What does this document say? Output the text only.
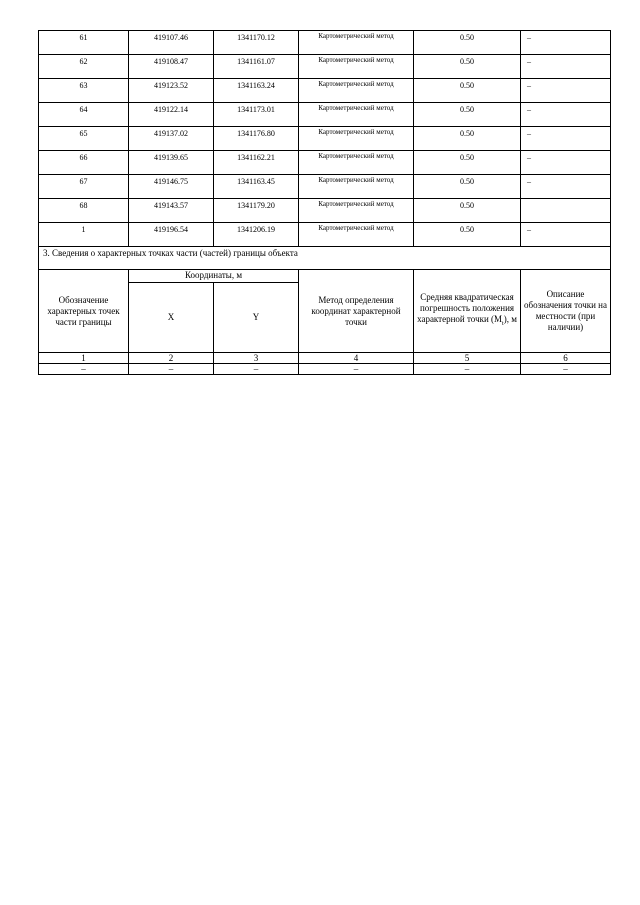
61	419107.46	1341170.12	Картометрический метод	0.50	–
62	419108.47	1341161.07	Картометрический метод	0.50	–
63	419123.52	1341163.24	Картометрический метод	0.50	–
64	419122.14	1341173.01	Картометрический метод	0.50	–
65	419137.02	1341176.80	Картометрический метод	0.50	–
66	419139.65	1341162.21	Картометрический метод	0.50	–
67	419146.75	1341163.45	Картометрический метод	0.50	–
68	419143.57	1341179.20	Картометрический метод	0.50	
1	419196.54	1341206.19	Картометрический метод	0.50	–
3. Сведения о характерных точках части (частей) границы объекта					
Обозначение характерных точек части границы	Координаты, м		Метод определения координат характерной точки	Средняя квадратическая погрешность положения характерной точки $(M_t)$, м	Описание обозначения точки на местности (при наличии)
	X	Y			
1	2	3	4	5	6
–	–	–	–	–	–
